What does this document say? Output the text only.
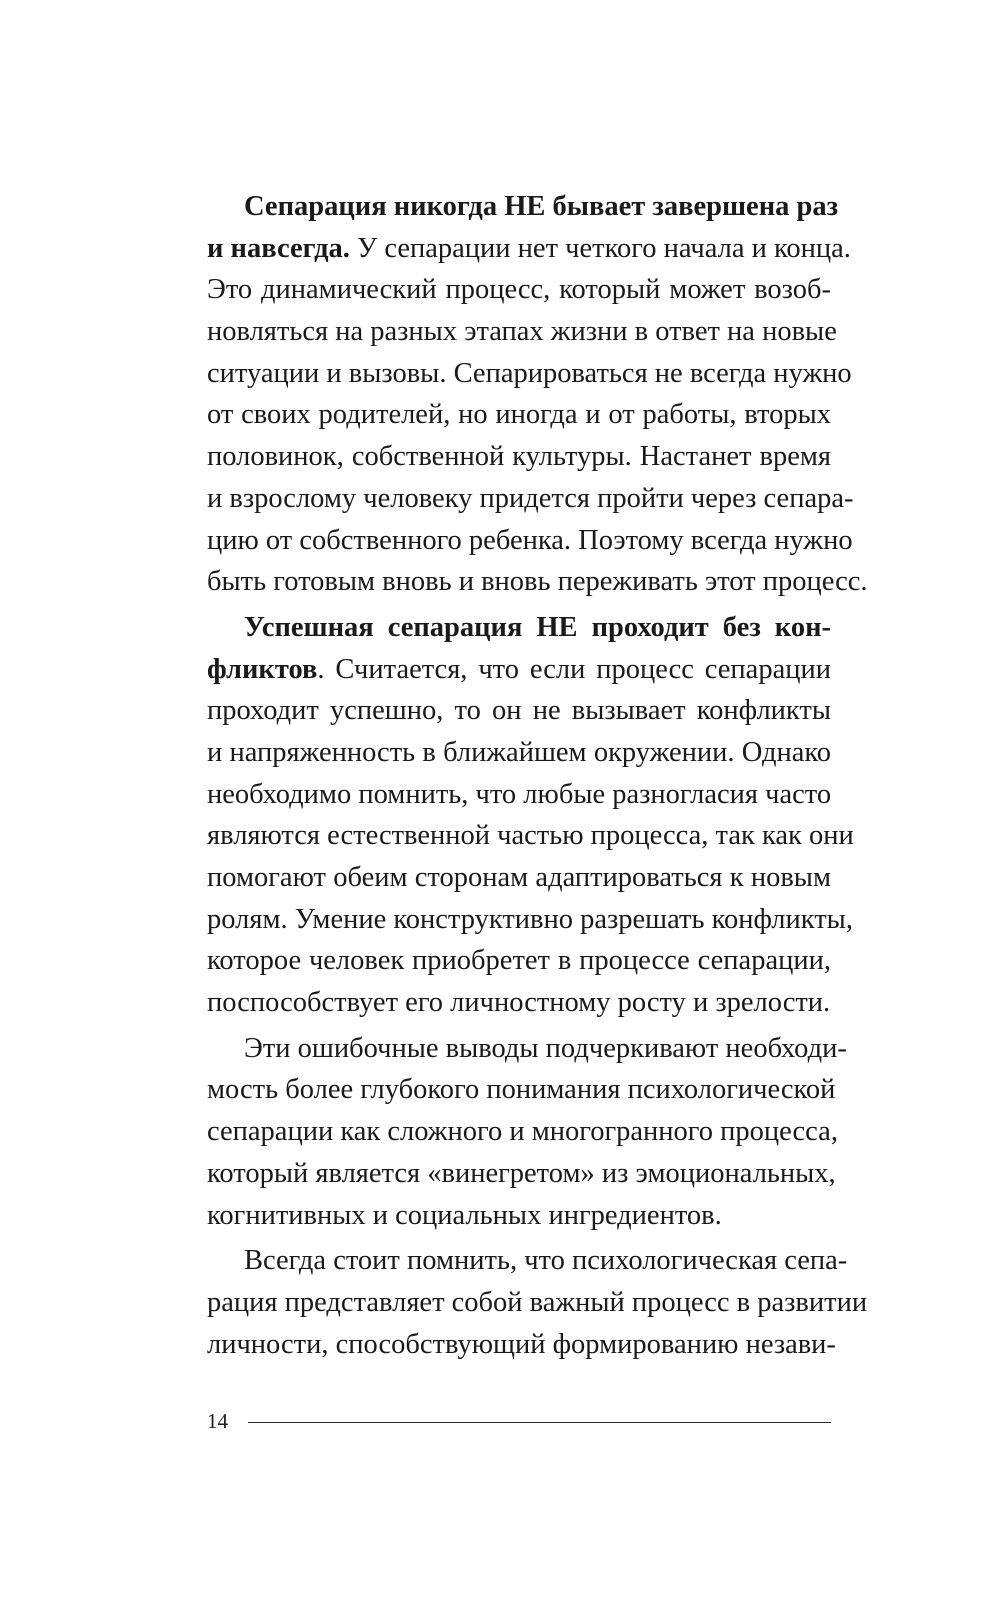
Сепарация никогда НЕ бывает завершена раз
и навсегда. У сепарации нет четкого начала и конца.
Это динамический процесс, который может возоб-
новляться на разных этапах жизни в ответ на новые
ситуации и вызовы. Сепарироваться не всегда нужно
от своих родителей, но иногда и от работы, вторых
половинок, собственной культуры. Настанет время
и взрослому человеку придется пройти через сепара-
цию от собственного ребенка. Поэтому всегда нужно
быть готовым вновь и вновь переживать этот процесс.
Успешная сепарация НЕ проходит без кон-
фликтов. Считается, что если процесс сепарации
проходит успешно, то он не вызывает конфликты
и напряженность в ближайшем окружении. Однако
необходимо помнить, что любые разногласия часто
являются естественной частью процесса, так как они
помогают обеим сторонам адаптироваться к новым
ролям. Умение конструктивно разрешать конфликты,
которое человек приобретет в процессе сепарации,
поспособствует его личностному росту и зрелости.
Эти ошибочные выводы подчеркивают необходи-
мость более глубокого понимания психологической
сепарации как сложного и многогранного процесса,
который является «винегретом» из эмоциональных,
когнитивных и социальных ингредиентов.
Всегда стоит помнить, что психологическая сепа-
рация представляет собой важный процесс в развитии
личности, способствующий формированию незави-
14
